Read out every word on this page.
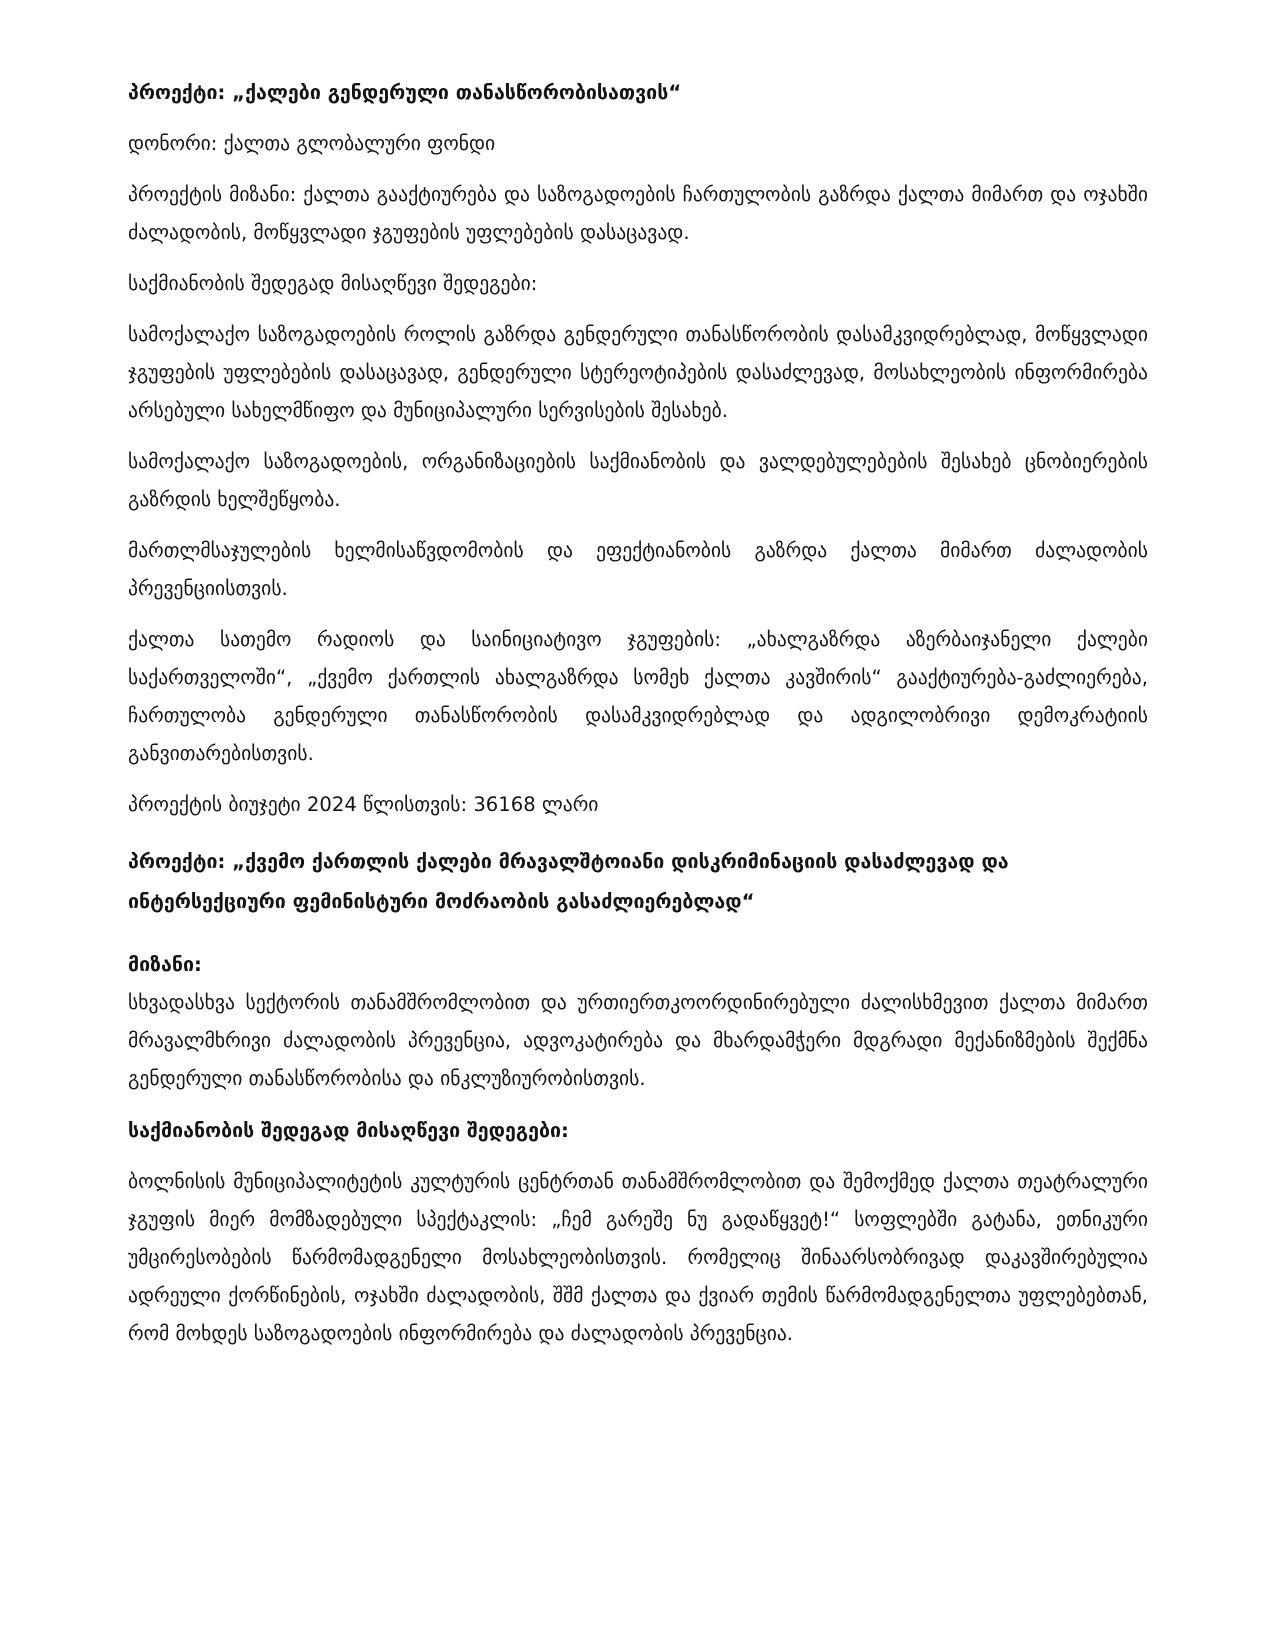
პროექტი: „ქალები გენდერული თანასწორობისათვის“

დონორი: ქალთა გლობალური ფონდი

პროექტის მიზანი: ქალთა გააქტიურება და საზოგადოების ჩართულობის გაზრდა ქალთა მიმართ და ოჯახში ძალადობის, მოწყვლადი ჯგუფების უფლებების დასაცავად.

საქმიანობის შედეგად მისაღწევი შედეგები:

სამოქალაქო საზოგადოების როლის გაზრდა გენდერული თანასწორობის დასამკვიდრებლად, მოწყვლადი ჯგუფების უფლებების დასაცავად, გენდერული სტერეოტიპების დასაძლევად, მოსახლეობის ინფორმირება არსებული სახელმწიფო და მუნიციპალური სერვისების შესახებ.

სამოქალაქო საზოგადოების, ორგანიზაციების საქმიანობის და ვალდებულებების შესახებ ცნობიერების გაზრდის ხელშეწყობა.

მართლმსაჯულების ხელმისაწვდომობის და ეფექტიანობის გაზრდა ქალთა მიმართ ძალადობის პრევენციისთვის.

ქალთა სათემო რადიოს და საინიციატივო ჯგუფების: „ახალგაზრდა აზერბაიჯანელი ქალები საქართველოში“, „ქვემო ქართლის ახალგაზრდა სომეხ ქალთა კავშირის“ გააქტიურება-გაძლიერება, ჩართულობა გენდერული თანასწორობის დასამკვიდრებლად და ადგილობრივი დემოკრატიის განვითარებისთვის.

პროექტის ბიუჯეტი 2024 წლისთვის: 36168 ლარი

პროექტი: „ქვემო ქართლის ქალები მრავალშტოიანი დისკრიმინაციის დასაძლევად და

ინტერსექციური ფემინისტური მოძრაობის გასაძლიერებლად“

მიზანი:

სხვადასხვა სექტორის თანამშრომლობით და ურთიერთკოორდინირებული ძალისხმევით ქალთა მიმართ მრავალმხრივი ძალადობის პრევენცია, ადვოკატირება და მხარდამჭერი მდგრადი მექანიზმების შექმნა გენდერული თანასწორობისა და ინკლუზიურობისთვის.

საქმიანობის შედეგად მისაღწევი შედეგები:

ბოლნისის მუნიციპალიტეტის კულტურის ცენტრთან თანამშრომლობით და შემოქმედ ქალთა თეატრალური ჯგუფის მიერ მომზადებული სპექტაკლის: „ჩემ გარეშე ნუ გადაწყვეტ!“ სოფლებში გატანა, ეთნიკური უმცირესობების წარმომადგენელი მოსახლეობისთვის. რომელიც შინაარსობრივად დაკავშირებულია ადრეული ქორწინების, ოჯახში ძალადობის, შშმ ქალთა და ქვიარ თემის წარმომადგენელთა უფლებებთან, რომ მოხდეს საზოგადოების ინფორმირება და ძალადობის პრევენცია.
